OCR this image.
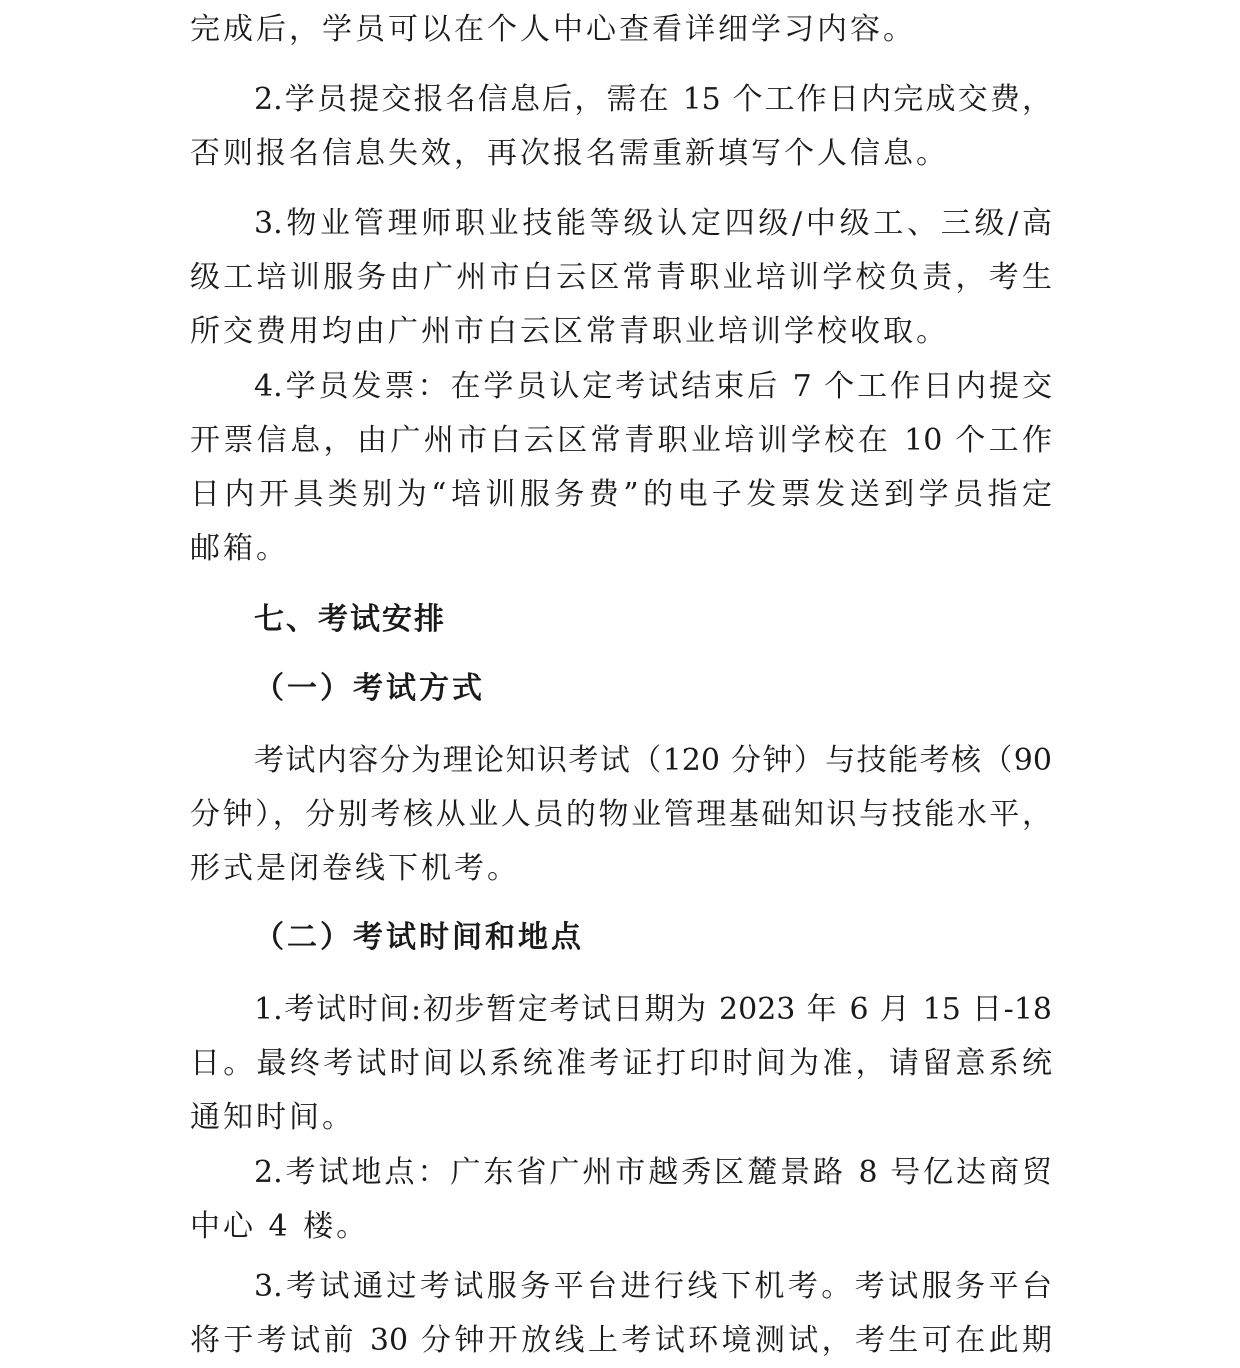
完成后，学员可以在个人中心查看详细学习内容。
2.学员提交报名信息后，需在 15 个工作日内完成交费，
否则报名信息失效，再次报名需重新填写个人信息。
3.物业管理师职业技能等级认定四级/中级工、三级/高
级工培训服务由广州市白云区常青职业培训学校负责，考生
所交费用均由广州市白云区常青职业培训学校收取。
4.学员发票：在学员认定考试结束后 7 个工作日内提交
开票信息，由广州市白云区常青职业培训学校在 10 个工作
日内开具类别为“培训服务费”的电子发票发送到学员指定
邮箱。
七、考试安排
（一）考试方式
考试内容分为理论知识考试（120 分钟）与技能考核（90
分钟），分别考核从业人员的物业管理基础知识与技能水平，
形式是闭卷线下机考。
（二）考试时间和地点
1.考试时间:初步暂定考试日期为 2023 年 6 月 15 日-18
日。最终考试时间以系统准考证打印时间为准，请留意系统
通知时间。
2.考试地点：广东省广州市越秀区麓景路 8 号亿达商贸
中心 4 楼。
3.考试通过考试服务平台进行线下机考。考试服务平台
将于考试前 30 分钟开放线上考试环境测试，考生可在此期
